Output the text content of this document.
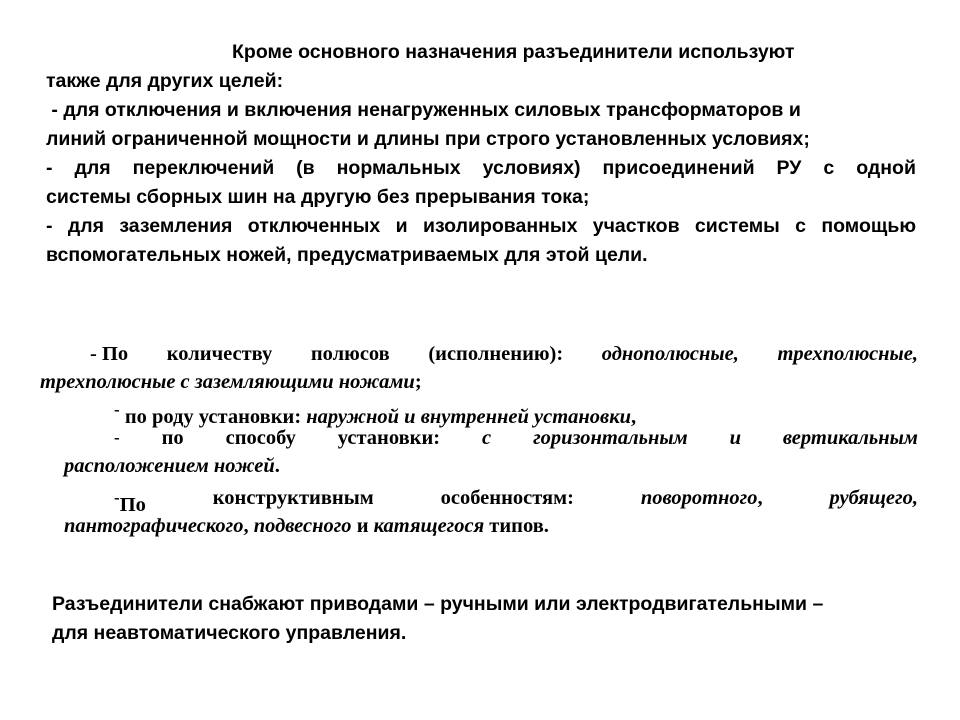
Кроме основного назначения разъединители используют
также для других целей:
- для отключения и включения ненагруженных силовых трансформаторов и
линий ограниченной мощности и длины при строго установленных условиях;
- для переключений (в нормальных условиях) присоединений РУ с одной
системы сборных шин на другую без прерывания тока;
- для заземления отключенных и изолированных участков системы с помощью
вспомогательных ножей, предусматриваемых для этой цели.
- По количеству полюсов (исполнению): однополюсные, трехполюсные,
трехполюсные с заземляющими ножами;
- по роду установки: наружной и внутренней установки,
- по способу установки: с горизонтальным и вертикальным
расположением ножей.
-По	конструктивным	особенностям:	поворотного,	рубящего,
пантографического, подвесного и катящегося типов.
Разъединители снабжают приводами – ручными или электродвигательными –
для неавтоматического управления.
